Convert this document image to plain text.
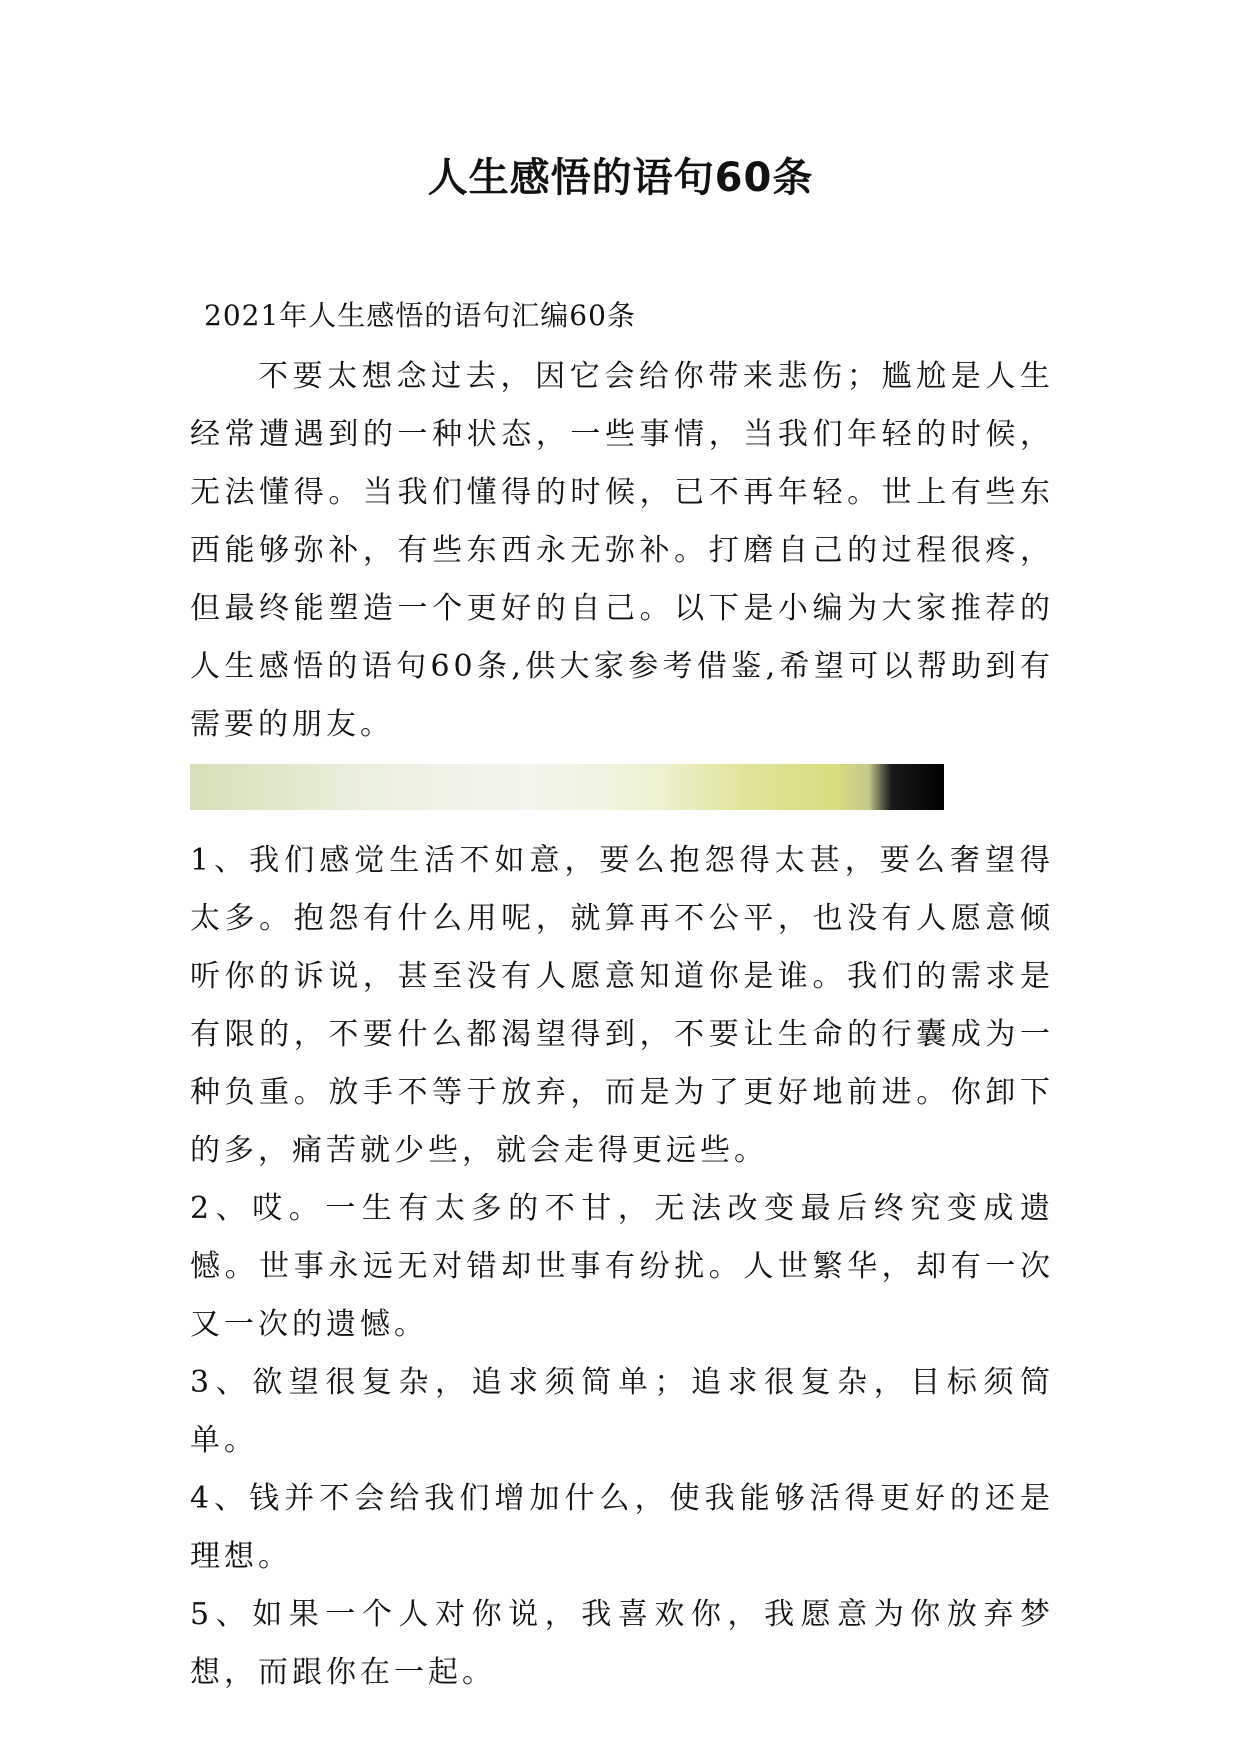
人生感悟的语句60条

2021年人生感悟的语句汇编60条

不要太想念过去，因它会给你带来悲伤；尴尬是人生经常遭遇到的一种状态，一些事情，当我们年轻的时候，无法懂得。当我们懂得的时候，已不再年轻。世上有些东西能够弥补，有些东西永无弥补。打磨自己的过程很疼，但最终能塑造一个更好的自己。以下是小编为大家推荐的人生感悟的语句60条,供大家参考借鉴,希望可以帮助到有需要的朋友。

1、我们感觉生活不如意，要么抱怨得太甚，要么奢望得太多。抱怨有什么用呢，就算再不公平，也没有人愿意倾听你的诉说，甚至没有人愿意知道你是谁。我们的需求是有限的，不要什么都渴望得到，不要让生命的行囊成为一种负重。放手不等于放弃，而是为了更好地前进。你卸下的多，痛苦就少些，就会走得更远些。

2、哎。一生有太多的不甘，无法改变最后终究变成遗憾。世事永远无对错却世事有纷扰。人世繁华，却有一次又一次的遗憾。

3、欲望很复杂，追求须简单；追求很复杂，目标须简单。

4、钱并不会给我们增加什么，使我能够活得更好的还是理想。

5、如果一个人对你说，我喜欢你，我愿意为你放弃梦想，而跟你在一起。
